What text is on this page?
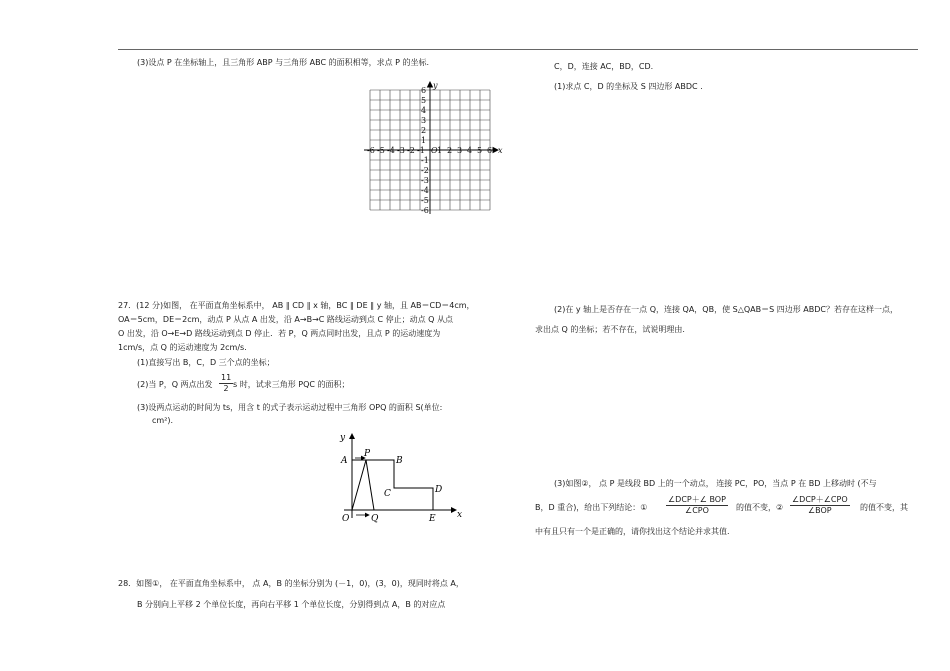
(3)设点 P 在坐标轴上，且三角形 ABP 与三角形 ABC 的面积相等，求点 P 的坐标.
-6 -5 -4 -3 -2 -1 1 2 3 4 5 6
6
5
4
3
2
1
-1
-2
-3
-4
-5
-6
O	x
y
27．(12 分)如图， 在平面直角坐标系中， AB ∥ CD ∥ x 轴，BC ∥ DE ∥ y 轴，且 AB＝CD＝4cm，
OA＝5cm，DE＝2cm，动点 P 从点 A 出发，沿 A→B→C 路线运动到点 C 停止；动点 Q 从点
O 出发，沿 O→E→D 路线运动到点 D 停止．若 P，Q 两点同时出发，且点 P 的运动速度为
1cm/s，点 Q 的运动速度为 2cm/s.
(1)直接写出 B，C，D 三个点的坐标；
(2)当 P，Q 两点出发 $\frac{11}{2}$ s 时，试求三角形 PQC 的面积；
(3)设两点运动的时间为 ts，用含 t 的式子表示运动过程中三角形 OPQ 的面积 S(单位:
cm²).
y
x
A
P
B
C	D
O Q	E
28．如图①， 在平面直角坐标系中， 点 A，B 的坐标分别为 (－1，0)，(3，0)，现同时将点 A，
B 分别向上平移 2 个单位长度，再向右平移 1 个单位长度，分别得到点 A，B 的对应点
C，D，连接 AC，BD，CD.
(1)求点 C，D 的坐标及 S 四边形 ABDC .
(2)在 y 轴上是否存在一点 Q，连接 QA，QB，使 S△QAB＝S 四边形 ABDC？若存在这样一点，
求出点 Q 的坐标；若不存在，试说明理由.
(3)如图②， 点 P 是线段 BD 上的一个动点， 连接 PC，PO，当点 P 在 BD 上移动时 (不与
B，D 重合)，给出下列结论：①
∠DCP＋∠ BOP
∠CPO	的值不变，②
∠DCP＋∠CPO
∠BOP	的值不变，其
中有且只有一个是正确的，请你找出这个结论并求其值.
